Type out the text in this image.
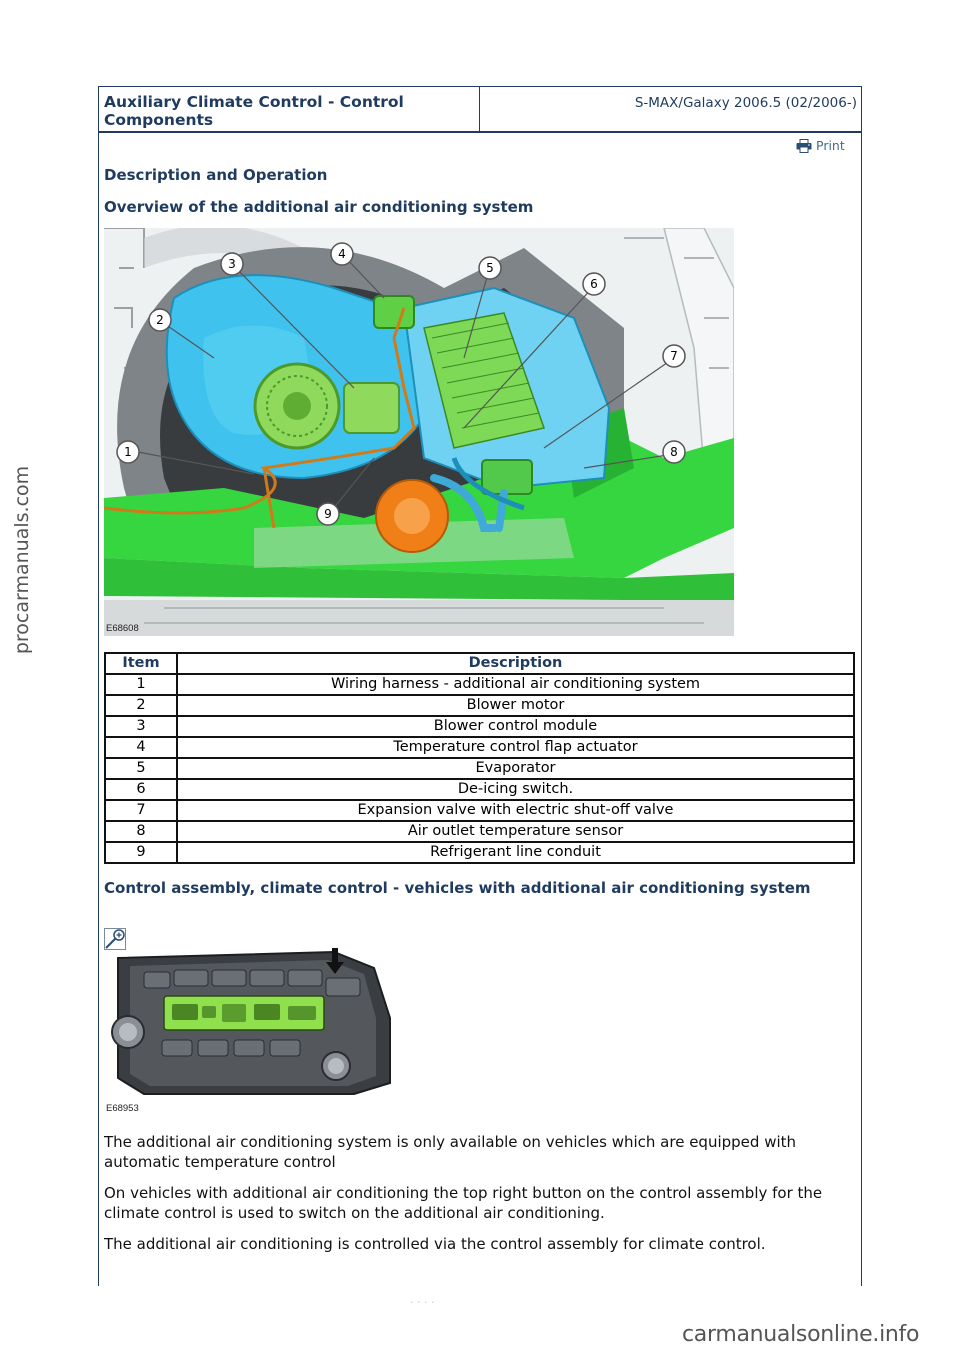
Auxiliary Climate Control - Control Components
S-MAX/Galaxy 2006.5 (02/2006-)
Print
Description and Operation
Overview of the additional air conditioning system
1
2
3
4
5
6
7
8
9
E68608
Item	Description
1	Wiring harness - additional air conditioning system
2	Blower motor
3	Blower control module
4	Temperature control flap actuator
5	Evaporator
6	De-icing switch.
7	Expansion valve with electric shut-off valve
8	Air outlet temperature sensor
9	Refrigerant line conduit
Control assembly, climate control - vehicles with additional air conditioning system
E68953
The additional air conditioning system is only available on vehicles which are equipped with automatic temperature control
On vehicles with additional air conditioning the top right button on the control assembly for the climate control is used to switch on the additional air conditioning.
The additional air conditioning is controlled via the control assembly for climate control.
· · · ·
procarmanuals.com
carmanualsonline.info
